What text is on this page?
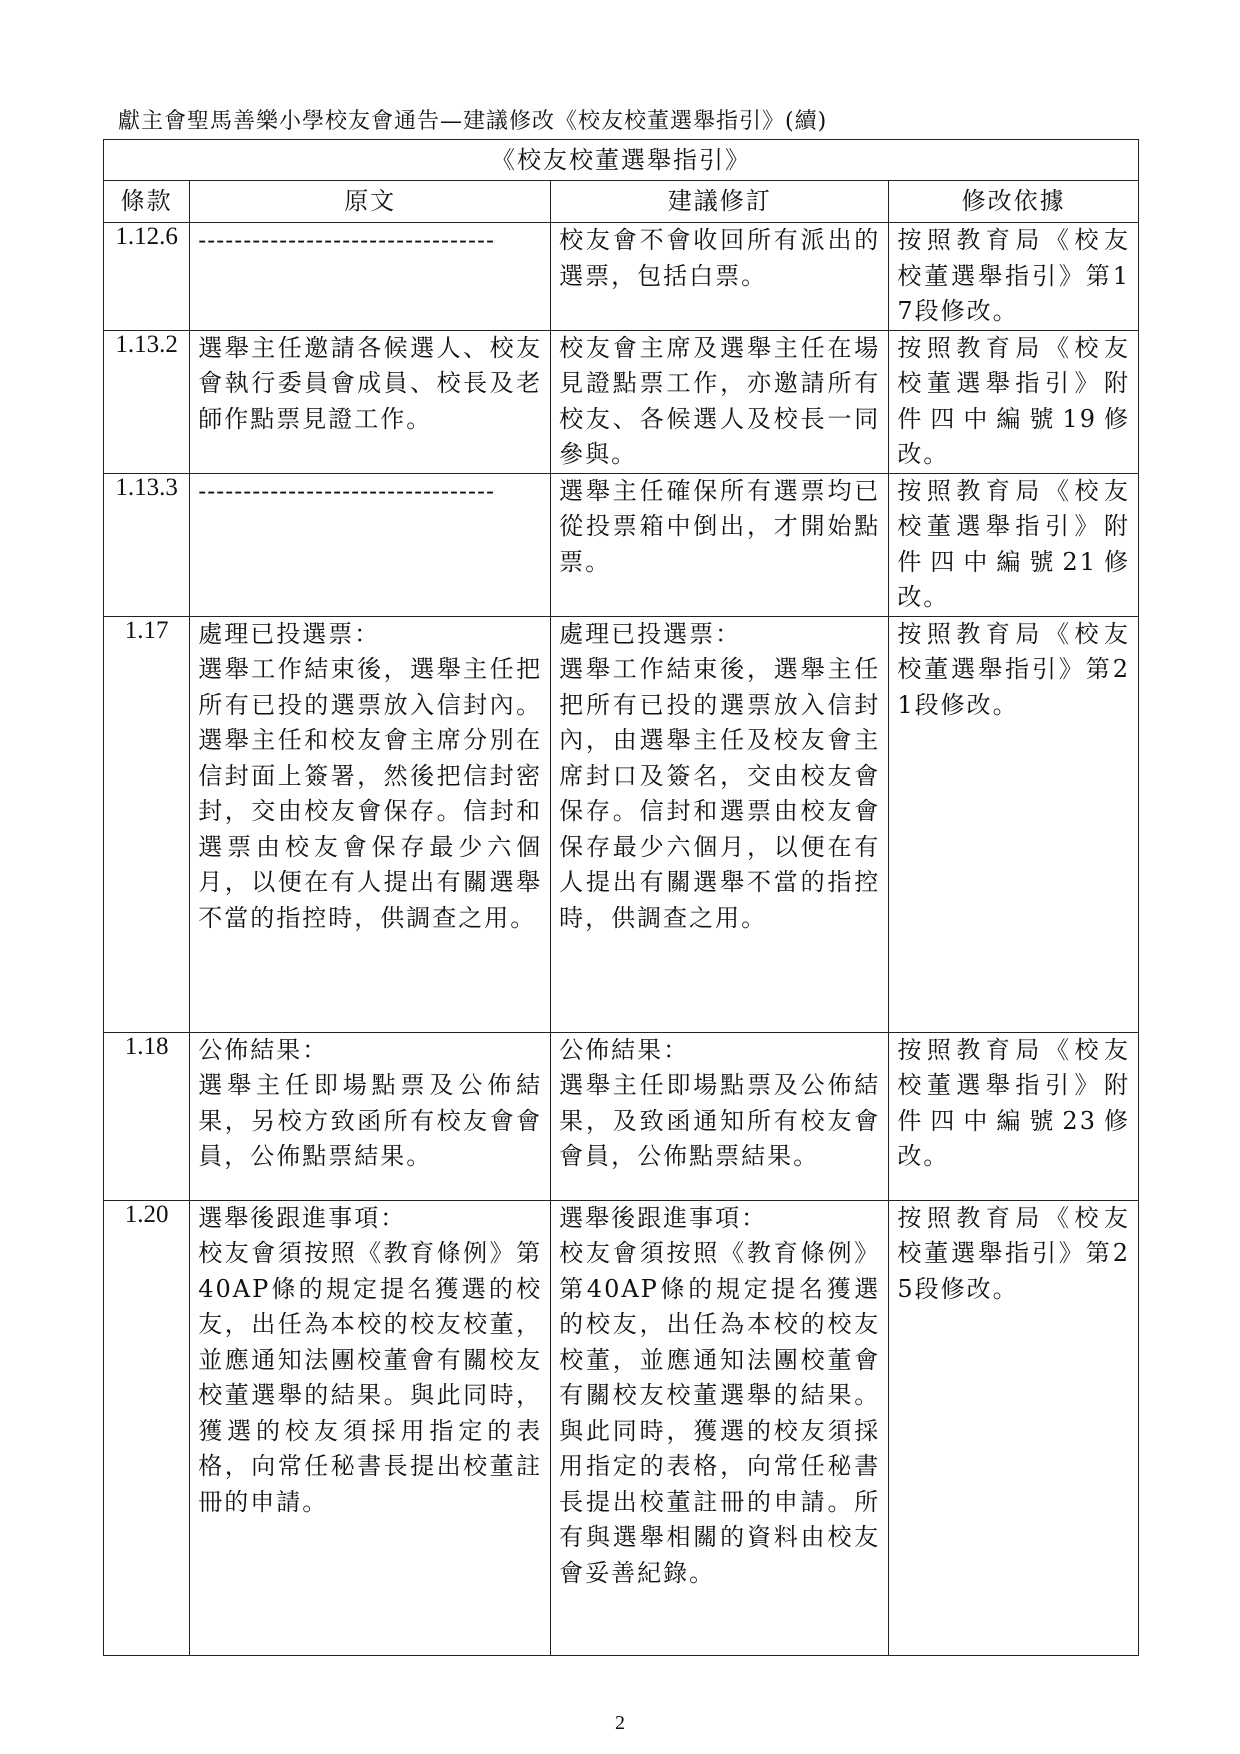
獻主會聖馬善樂小學校友會通告—建議修改《校友校董選舉指引》(續)
《校友校董選舉指引》			
條款	原文	建議修訂	修改依據
1.12.6	---------------------------------	校友會不會收回所有派出的選票，包括白票。	按照教育局《校友校董選舉指引》第17段修改。

1.13.2	選舉主任邀請各候選人、校友會執行委員會成員、校長及老師作點票見證工作。	校友會主席及選舉主任在場見證點票工作，亦邀請所有校友、各候選人及校長一同參與。	按照教育局《校友校董選舉指引》附件四中編號19修改。

1.13.3	---------------------------------	選舉主任確保所有選票均已從投票箱中倒出，才開始點票。	按照教育局《校友校董選舉指引》附件四中編號21修改。

1.17	處理已投選票：
選舉工作結束後，選舉主任把所有已投的選票放入信封內。選舉主任和校友會主席分別在信封面上簽署，然後把信封密封，交由校友會保存。信封和選票由校友會保存最少六個月，以便在有人提出有關選舉不當的指控時，供調查之用。	處理已投選票：
選舉工作結束後，選舉主任把所有已投的選票放入信封內，由選舉主任及校友會主席封口及簽名，交由校友會保存。信封和選票由校友會保存最少六個月，以便在有人提出有關選舉不當的指控時，供調查之用。	按照教育局《校友校董選舉指引》第21段修改。

1.18	公佈結果：
選舉主任即場點票及公佈結果，另校方致函所有校友會會員，公佈點票結果。	公佈結果：
選舉主任即場點票及公佈結果，及致函通知所有校友會會員，公佈點票結果。	按照教育局《校友校董選舉指引》附件四中編號23修改。

1.20	選舉後跟進事項：
校友會須按照《教育條例》第40AP條的規定提名獲選的校友，出任為本校的校友校董，並應通知法團校董會有關校友校董選舉的結果。與此同時，獲選的校友須採用指定的表格，向常任秘書長提出校董註冊的申請。	選舉後跟進事項：
校友會須按照《教育條例》第40AP條的規定提名獲選的校友，出任為本校的校友校董，並應通知法團校董會有關校友校董選舉的結果。與此同時，獲選的校友須採用指定的表格，向常任秘書長提出校董註冊的申請。所有與選舉相關的資料由校友會妥善紀錄。	按照教育局《校友校董選舉指引》第25段修改。
2
